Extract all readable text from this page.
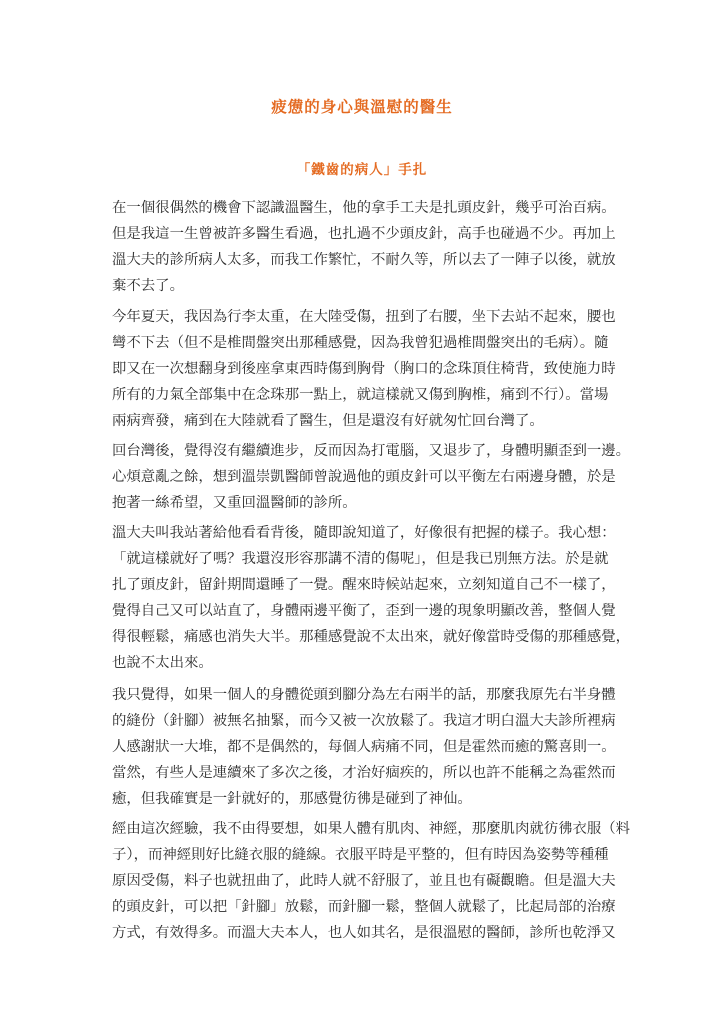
疲憊的身心與溫慰的醫生
「鐵齒的病人」手扎
在一個很偶然的機會下認識溫醫生，他的拿手工夫是扎頭皮針，幾乎可治百病。
但是我這一生曾被許多醫生看過，也扎過不少頭皮針，高手也碰過不少。再加上
溫大夫的診所病人太多，而我工作繁忙，不耐久等，所以去了一陣子以後，就放
棄不去了。
今年夏天，我因為行李太重，在大陸受傷，扭到了右腰，坐下去站不起來，腰也
彎不下去（但不是椎間盤突出那種感覺，因為我曾犯過椎間盤突出的毛病）。隨
即又在一次想翻身到後座拿東西時傷到胸骨（胸口的念珠頂住椅背，致使施力時
所有的力氣全部集中在念珠那一點上，就這樣就又傷到胸椎，痛到不行）。當場
兩病齊發，痛到在大陸就看了醫生，但是還沒有好就匆忙回台灣了。
回台灣後，覺得沒有繼續進步，反而因為打電腦，又退步了，身體明顯歪到一邊。
心煩意亂之餘，想到溫崇凱醫師曾說過他的頭皮針可以平衡左右兩邊身體，於是
抱著一絲希望，又重回溫醫師的診所。
溫大夫叫我站著給他看看背後，隨即說知道了，好像很有把握的樣子。我心想：
「就這樣就好了嗎？我還沒形容那講不清的傷呢」，但是我已別無方法。於是就
扎了頭皮針，留針期間還睡了一覺。醒來時候站起來，立刻知道自己不一樣了，
覺得自己又可以站直了，身體兩邊平衡了，歪到一邊的現象明顯改善，整個人覺
得很輕鬆，痛感也消失大半。那種感覺說不太出來，就好像當時受傷的那種感覺，
也說不太出來。
我只覺得，如果一個人的身體從頭到腳分為左右兩半的話，那麼我原先右半身體
的縫份（針腳）被無名抽緊，而今又被一次放鬆了。我這才明白溫大夫診所裡病
人感謝狀一大堆，都不是偶然的，每個人病痛不同，但是霍然而癒的驚喜則一。
當然，有些人是連續來了多次之後，才治好痼疾的，所以也許不能稱之為霍然而
癒，但我確實是一針就好的，那感覺彷彿是碰到了神仙。
經由這次經驗，我不由得要想，如果人體有肌肉、神經，那麼肌肉就彷彿衣服（料
子），而神經則好比縫衣服的縫線。衣服平時是平整的，但有時因為姿勢等種種
原因受傷，料子也就扭曲了，此時人就不舒服了，並且也有礙觀瞻。但是溫大夫
的頭皮針，可以把「針腳」放鬆，而針腳一鬆，整個人就鬆了，比起局部的治療
方式，有效得多。而溫大夫本人，也人如其名，是很溫慰的醫師，診所也乾淨又
